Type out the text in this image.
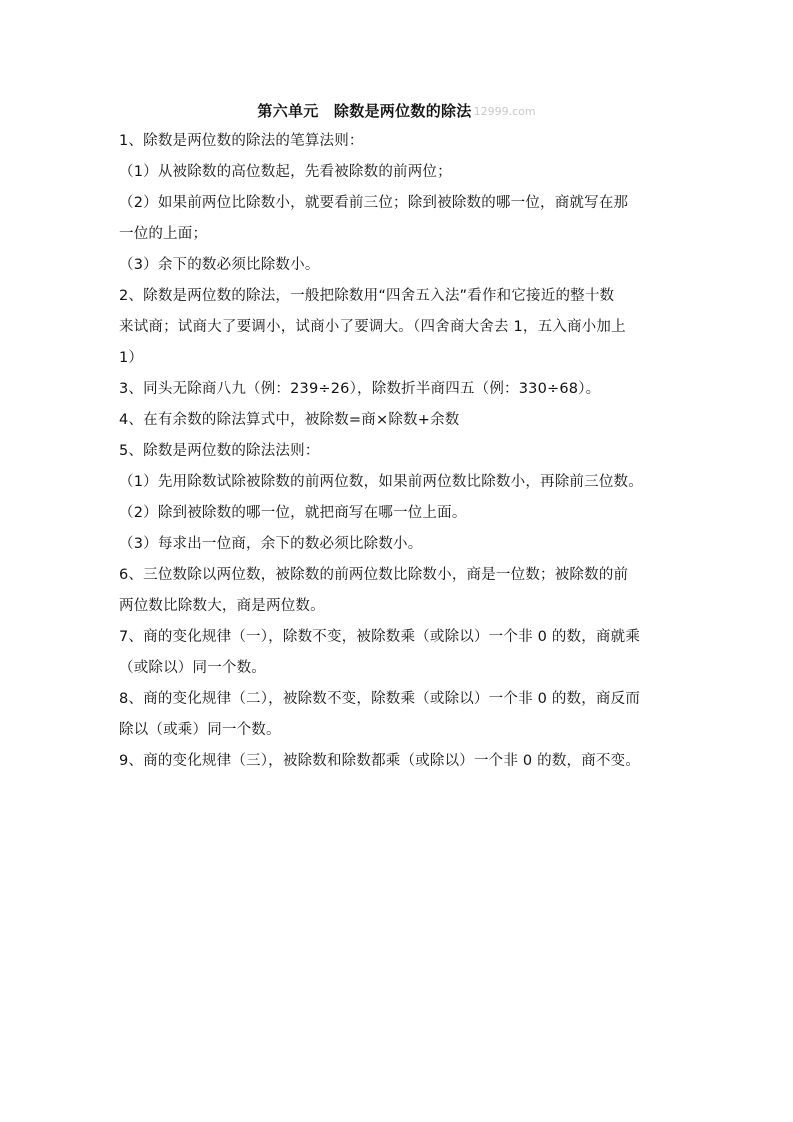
第六单元　除数是两位数的除法 12999.com
1、除数是两位数的除法的笔算法则：
（1）从被除数的高位数起，先看被除数的前两位；
（2）如果前两位比除数小，就要看前三位；除到被除数的哪一位，商就写在那
一位的上面；
（3）余下的数必须比除数小。
2、除数是两位数的除法，一般把除数用“四舍五入法”看作和它接近的整十数
来试商；试商大了要调小，试商小了要调大。（四舍商大舍去 1，五入商小加上
1）
3、同头无除商八九（例：239÷26），除数折半商四五（例：330÷68）。
4、在有余数的除法算式中，被除数=商×除数+余数
5、除数是两位数的除法法则：
（1）先用除数试除被除数的前两位数，如果前两位数比除数小，再除前三位数。
（2）除到被除数的哪一位，就把商写在哪一位上面。
（3）每求出一位商，余下的数必须比除数小。
6、三位数除以两位数，被除数的前两位数比除数小，商是一位数；被除数的前
两位数比除数大，商是两位数。
7、商的变化规律（一），除数不变，被除数乘（或除以）一个非 0 的数，商就乘
（或除以）同一个数。
8、商的变化规律（二），被除数不变，除数乘（或除以）一个非 0 的数，商反而
除以（或乘）同一个数。
9、商的变化规律（三），被除数和除数都乘（或除以）一个非 0 的数，商不变。
